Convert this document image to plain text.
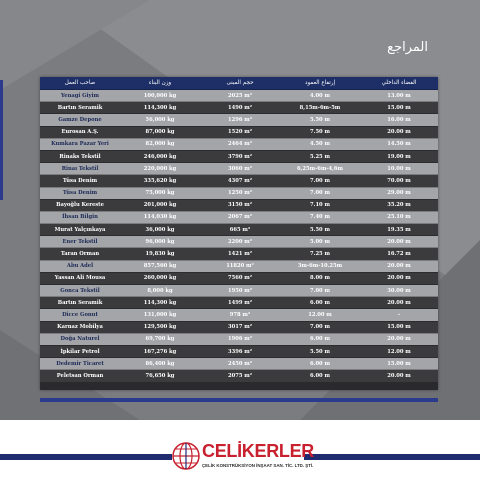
المراجع
صاحب العمل	وزن البناء	حجم المبنى	إرتفاع العمود	الفضاء الداخلي
Yenagi Giyim	100,000 kg	2025 m²	4.00 m	13.00 m
Bartın Seramik	114,300 kg	1490 m²	8,15m-6m-5m	15.00 m
Gamze Depone	56,000 kg	1296 m²	5.50 m	16.00 m
Eurosan A.Ş.	87,000 kg	1520 m²	7.50 m	20.00 m
Kumkara Pazar Yeri	82,000 kg	2464 m²	4.50 m	14.50 m
Rinaks Tekstil	246,000 kg	3790 m²	5.25 m	19.00 m
Rinaı Tekstil	220,000 kg	3060 m²	6,25m-6m-4,6m	10.00 m
Tüsa Denim	335,620 kg	4307 m²	7.00 m	70.00 m
Tüsa Denim	75,000 kg	1250 m²	7.00 m	29.00 m
Bayoğlu Kereste	201,000 kg	3150 m²	7.10 m	35.20 m
İhsan Bilgin	114,030 kg	2067 m²	7.40 m	25.10 m
Murat Yalçınkaya	36,000 kg	665 m²	5.50 m	19.35 m
Ener Tekstil	96,000 kg	2200 m²	5.00 m	20.00 m
Taran Orman	19,830 kg	1421 m²	7.25 m	16.72 m
Abu Adel	857,560 kg	11820 m²	3m-6m-10.25m	20.00 m
Yassan Ali Mousa	260,000 kg	7560 m²	8.00 m	20.00 m
Gonca Tekstil	8,000 kg	1950 m²	7.00 m	30.00 m
Bartın Seramik	114,300 kg	1499 m²	6.00 m	20.00 m
Dicce Gonut	131,000 kg	978 m²	12.00 m	-
Karnaz Mobilya	129,500 kg	3017 m²	7.00 m	15.00 m
Doğa Naturel	69,700 kg	1906 m²	6.00 m	20.00 m
İpkilar Petrol	167,276 kg	3396 m²	5.50 m	12.00 m
Dedemir Ticaret	86,400 kg	2450 m²	6.00 m	15.00 m
Peletsan Orman	76,650 kg	2075 m²	6.00 m	20.00 m
CELİKERLER
ÇELİK KONSTRÜKSİYON İNŞAAT SAN. TİC. LTD. ŞTİ.
